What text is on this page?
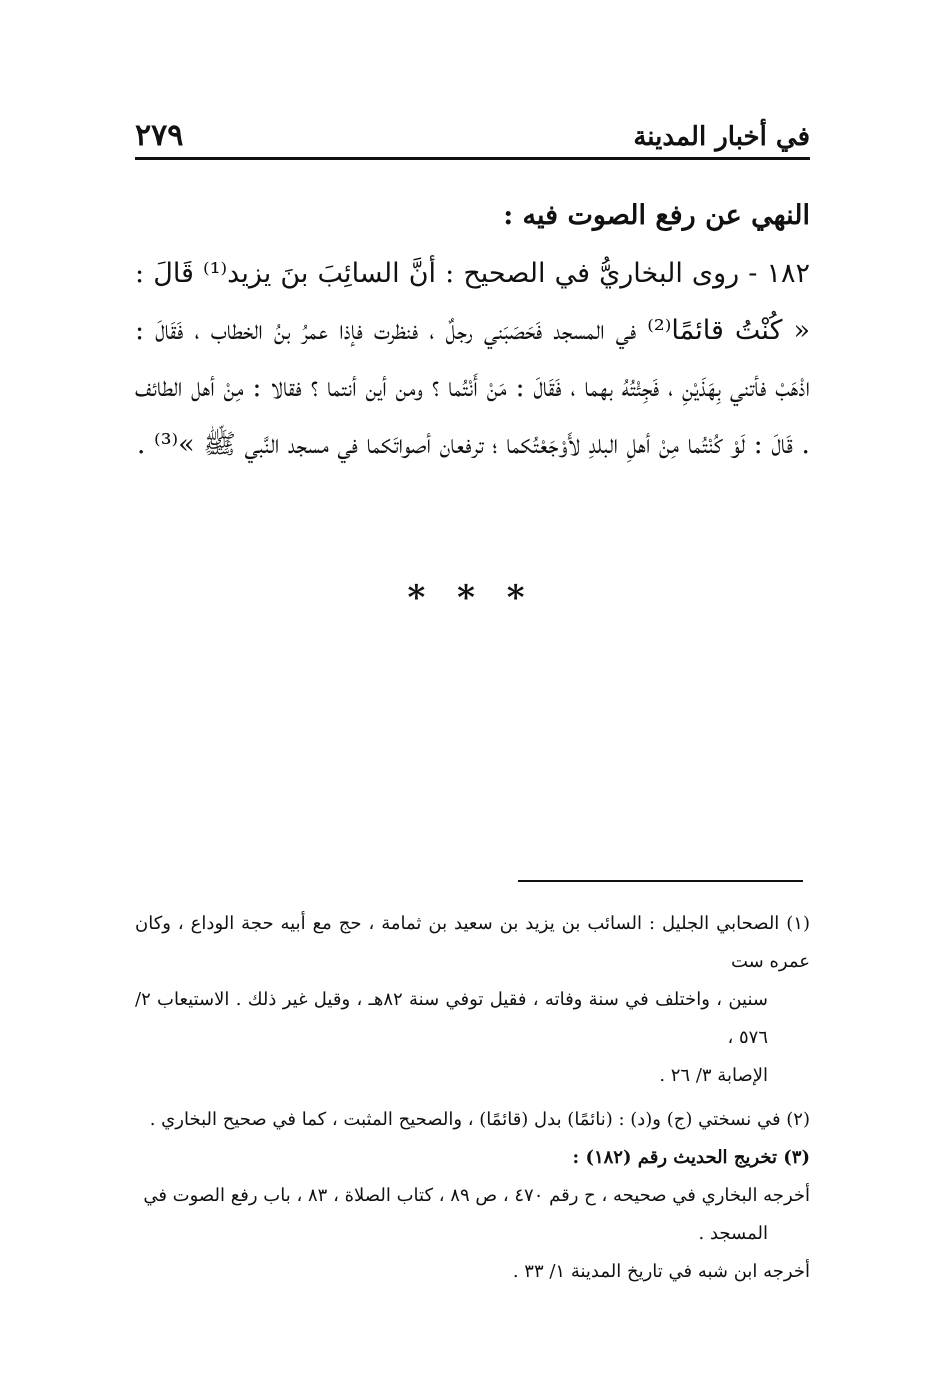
في أخبار المدينة
٢٧٩

النهي عن رفع الصوت فيه :

١٨٢ - روى البخاريُّ في الصحيح : أنَّ السائِبَ بنَ يزيد⁽¹⁾ قَالَ : « كُنْتُ قائمًا⁽²⁾ في المسجد فَحَصَبَني رجلٌ ، فنظرت فإذا عمرُ بنُ الخطاب ، فَقَالَ : اذْهَبْ فأتني بِهَذَيْنِ ، فَجِئْتُهُ بهما ، فَقَالَ : مَنْ أَنْتُما ؟ ومن أين أنتما ؟ فقالا : مِنْ أهل الطائف . قَالَ : لَوْ كُنْتُما مِنْ أهلِ البلدِ لأَوْجَعْتُكما ؛ ترفعان أصواتَكما في مسجد النَّبي ﷺ »⁽³⁾ .

* * *

(١) الصحابي الجليل : السائب بن يزيد بن سعيد بن ثمامة ، حج مع أبيه حجة الوداع ، وكان عمره ست

سنين ، واختلف في سنة وفاته ، فقيل توفي سنة ٨٢هـ ، وقيل غير ذلك . الاستيعاب ٢/ ٥٧٦ ،

الإصابة ٣/ ٢٦ .

(٢) في نسختي (ج) و(د) : (نائمًا) بدل (قائمًا) ، والصحيح المثبت ، كما في صحيح البخاري .

(٣) تخريج الحديث رقم (١٨٢) :

أخرجه البخاري في صحيحه ، ح رقم ٤٧٠ ، ص ٨٩ ، كتاب الصلاة ، ٨٣ ، باب رفع الصوت في

المسجد .

أخرجه ابن شبه في تاريخ المدينة ١/ ٣٣ .
